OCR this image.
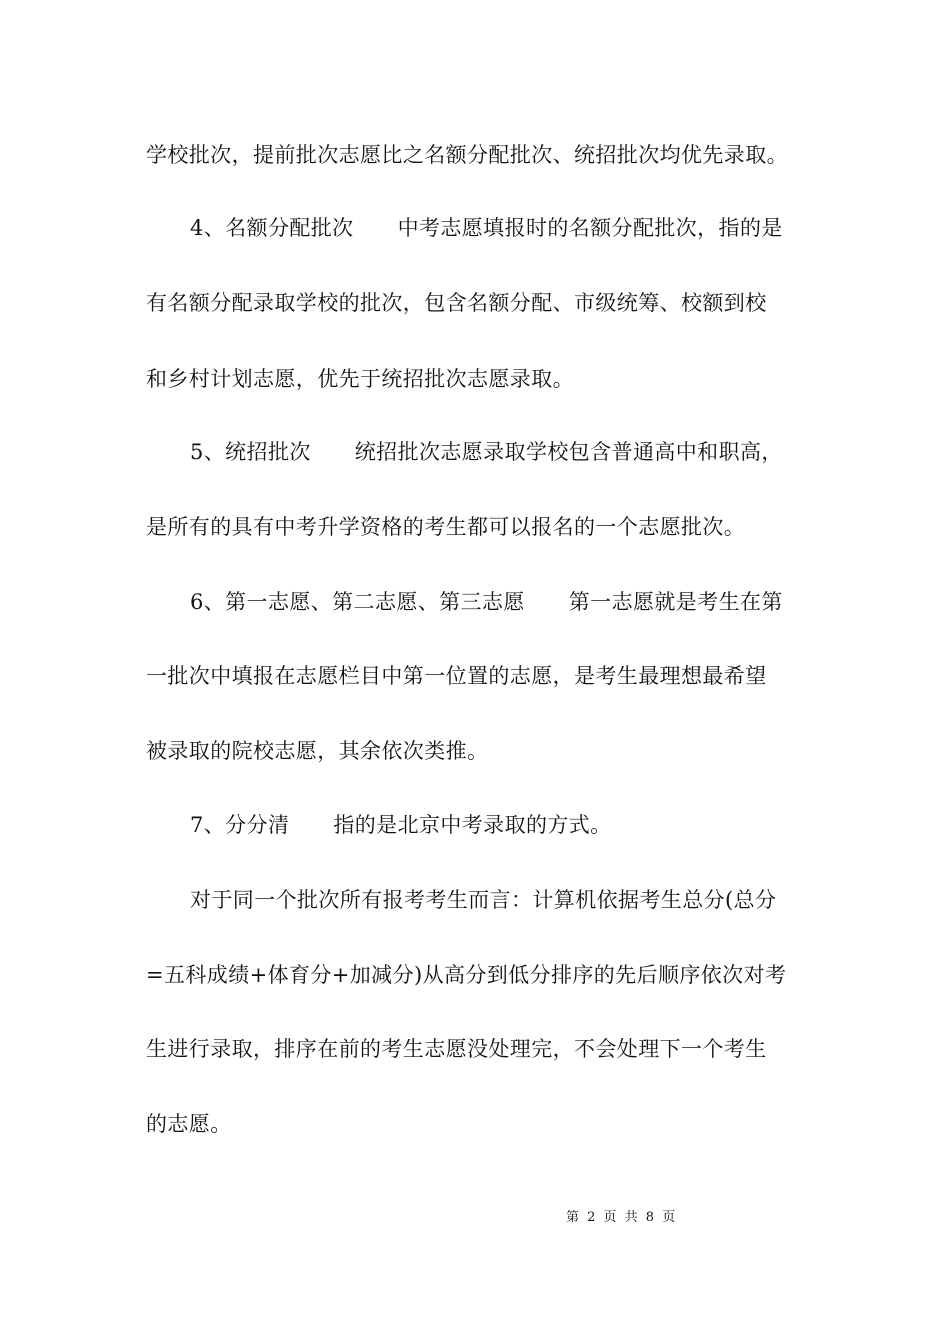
学校批次，提前批次志愿比之名额分配批次、统招批次均优先录取。
4、名额分配批次 中考志愿填报时的名额分配批次，指的是
有名额分配录取学校的批次，包含名额分配、市级统筹、校额到校
和乡村计划志愿，优先于统招批次志愿录取。
5、统招批次 统招批次志愿录取学校包含普通高中和职高，
是所有的具有中考升学资格的考生都可以报名的一个志愿批次。
6、第一志愿、第二志愿、第三志愿 第一志愿就是考生在第
一批次中填报在志愿栏目中第一位置的志愿，是考生最理想最希望
被录取的院校志愿，其余依次类推。
7、分分清 指的是北京中考录取的方式。
对于同一个批次所有报考考生而言：计算机依据考生总分(总分
=五科成绩+体育分+加减分)从高分到低分排序的先后顺序依次对考
生进行录取，排序在前的考生志愿没处理完，不会处理下一个考生
的志愿。
第 2 页 共 8 页
